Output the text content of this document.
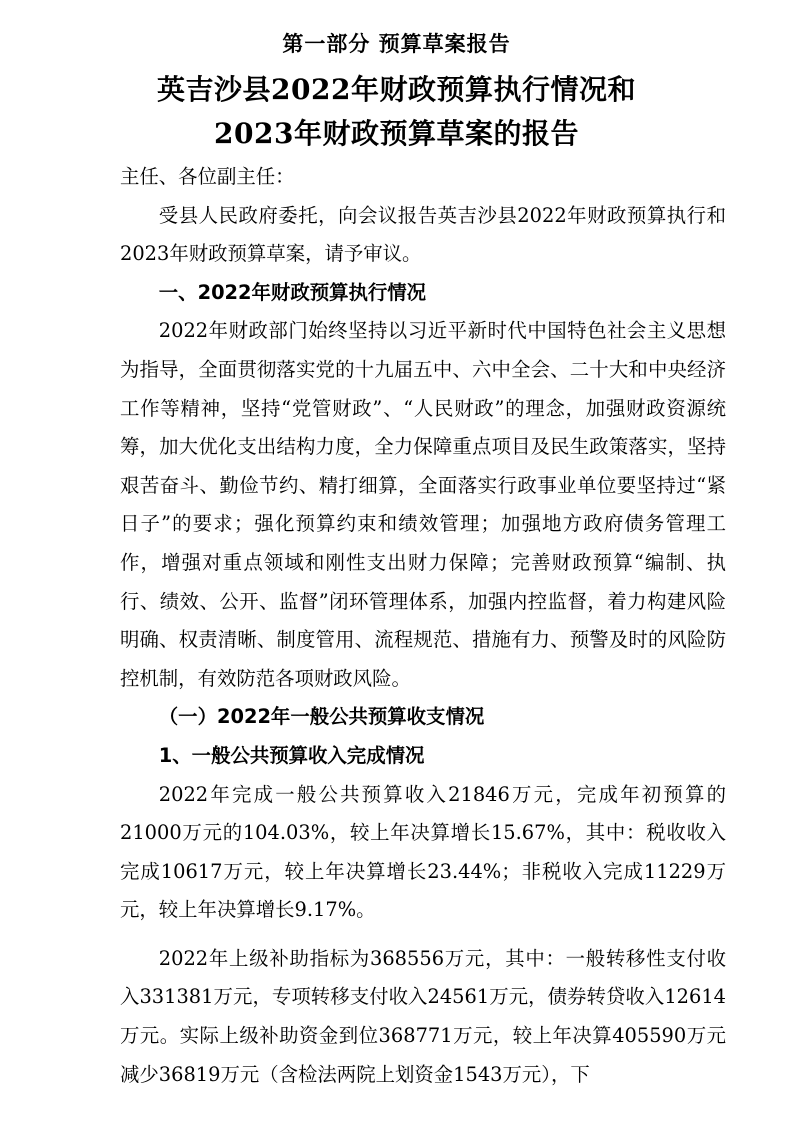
第一部分 预算草案报告
英吉沙县2022年财政预算执行情况和
2023年财政预算草案的报告

主任、各位副主任：

受县人民政府委托，向会议报告英吉沙县2022年财政预算执行和2023年财政预算草案，请予审议。

一、2022年财政预算执行情况

2022年财政部门始终坚持以习近平新时代中国特色社会主义思想为指导，全面贯彻落实党的十九届五中、六中全会、二十大和中央经济工作等精神，坚持“党管财政”、“人民财政”的理念，加强财政资源统筹，加大优化支出结构力度，全力保障重点项目及民生政策落实，坚持艰苦奋斗、勤俭节约、精打细算，全面落实行政事业单位要坚持过“紧日子”的要求；强化预算约束和绩效管理；加强地方政府债务管理工作，增强对重点领域和刚性支出财力保障；完善财政预算“编制、执行、绩效、公开、监督”闭环管理体系，加强内控监督，着力构建风险明确、权责清晰、制度管用、流程规范、措施有力、预警及时的风险防控机制，有效防范各项财政风险。

（一）2022年一般公共预算收支情况

1、一般公共预算收入完成情况

2022年完成一般公共预算收入21846万元，完成年初预算的21000万元的104.03%，较上年决算增长15.67%，其中：税收收入完成10617万元，较上年决算增长23.44%；非税收入完成11229万元，较上年决算增长9.17%。

2022年上级补助指标为368556万元，其中：一般转移性支付收入331381万元，专项转移支付收入24561万元，债券转贷收入12614万元。实际上级补助资金到位368771万元，较上年决算405590万元减少36819万元（含检法两院上划资金1543万元），下
